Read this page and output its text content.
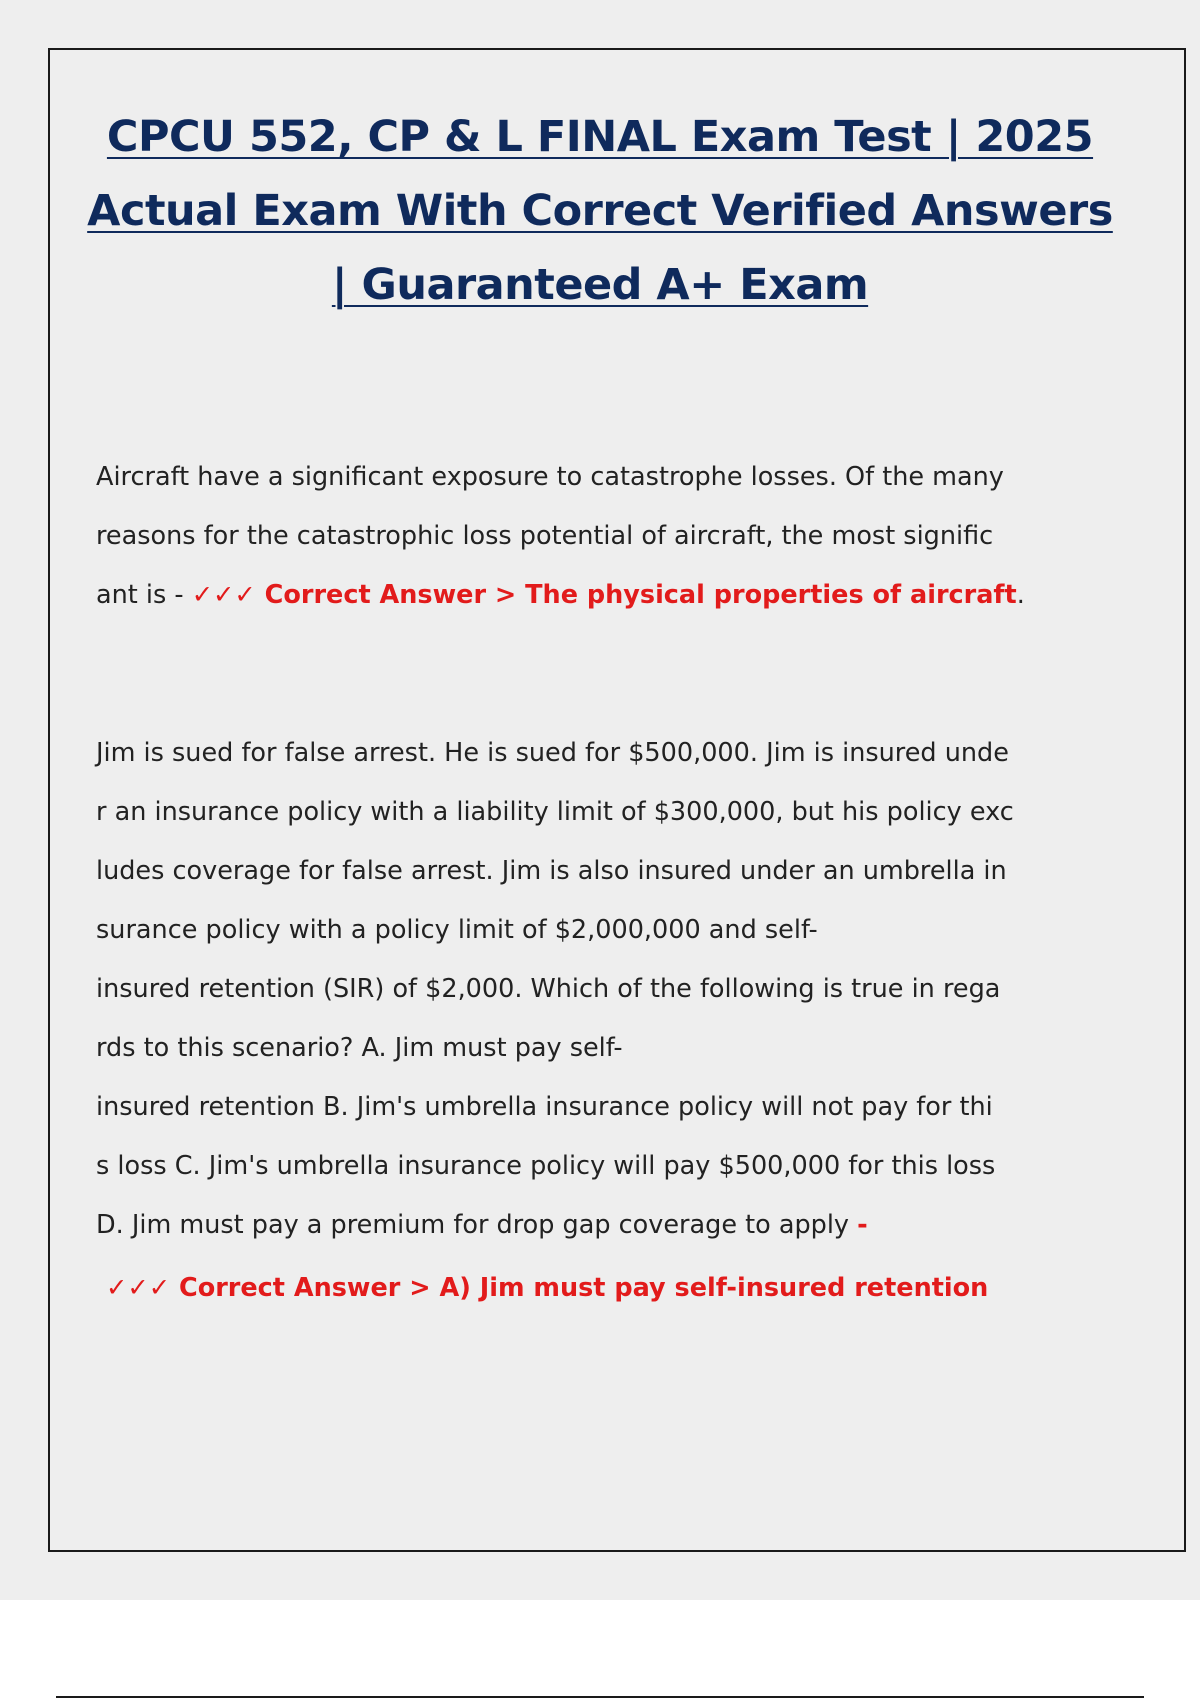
CPCU 552, CP & L FINAL Exam Test | 2025
Actual Exam With Correct Verified Answers
| Guaranteed A+ Exam
Aircraft have a significant exposure to catastrophe losses. Of the many
reasons for the catastrophic loss potential of aircraft, the most signific
ant is - ✓✓✓ Correct Answer > The physical properties of aircraft.
Jim is sued for false arrest. He is sued for $500,000. Jim is insured unde
r an insurance policy with a liability limit of $300,000, but his policy exc
ludes coverage for false arrest. Jim is also insured under an umbrella in
surance policy with a policy limit of $2,000,000 and self-
insured retention (SIR) of $2,000. Which of the following is true in rega
rds to this scenario? A. Jim must pay self-
insured retention B. Jim's umbrella insurance policy will not pay for thi
s loss C. Jim's umbrella insurance policy will pay $500,000 for this loss
D. Jim must pay a premium for drop gap coverage to apply -
✓✓✓ Correct Answer > A) Jim must pay self-insured retention
